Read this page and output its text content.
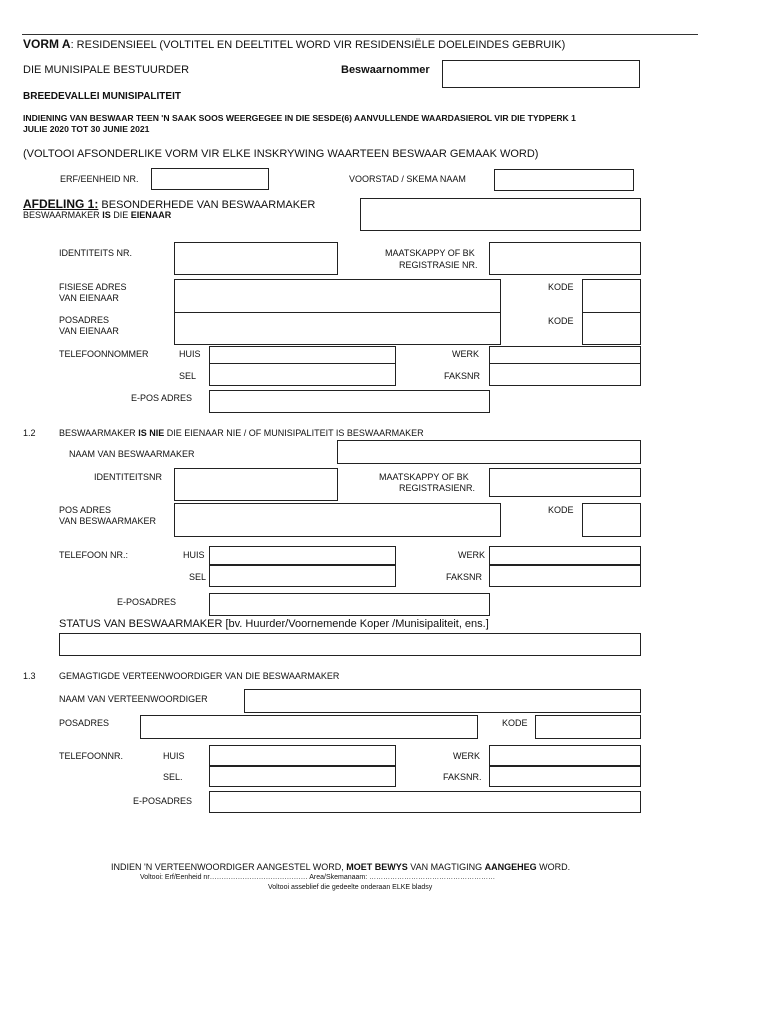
VORM A: RESIDENSIEEL (VOLTITEL EN DEELTITEL WORD VIR RESIDENSIËLE DOELEINDES GEBRUIK)
DIE MUNISIPALE BESTUURDER	Beswaarnommer
BREEDEVALLEI MUNISIPALITEIT
INDIENING VAN BESWAAR TEEN 'N SAAK SOOS WEERGEGEE IN DIE SESDE(6) AANVULLENDE WAARDASIEROL VIR DIE TYDPERK 1
JULIE 2020 TOT 30 JUNIE 2021
(VOLTOOI AFSONDERLIKE VORM VIR ELKE INSKRYWING WAARTEEN BESWAAR GEMAAK WORD)
ERF/EENHEID NR.	VOORSTAD / SKEMA NAAM
AFDELING 1: BESONDERHEDE VAN BESWAARMAKER
BESWAARMAKER IS DIE EIENAAR
IDENTITEITS NR.	MAATSKAPPY OF BK
REGISTRASIE NR.
FISIESE ADRES
VAN EIENAAR
KODE
POSADRES
VAN EIENAAR
KODE
TELEFOONNOMMER	HUIS	WERK
SEL	FAKSNR
E-POS ADRES
1.2	BESWAARMAKER IS NIE DIE EIENAAR NIE / OF MUNISIPALITEIT IS BESWAARMAKER
NAAM VAN BESWAARMAKER
IDENTITEITSNR	MAATSKAPPY OF BK
REGISTRASIENR.
POS ADRES
VAN BESWAARMAKER
KODE
TELEFOON NR.:	HUIS	WERK
SEL	FAKSNR
E-POSADRES
STATUS VAN BESWAARMAKER [bv. Huurder/Voornemende Koper /Munisipaliteit, ens.]
1.3	GEMAGTIGDE VERTEENWOORDIGER VAN DIE BESWAARMAKER
NAAM VAN VERTEENWOORDIGER
POSADRES	KODE
TELEFOONNR.	HUIS	WERK
SEL.	FAKSNR.
E-POSADRES
INDIEN 'N VERTEENWOORDIGER AANGESTEL WORD, MOET BEWYS VAN MAGTIGING AANGEHEG WORD.
Voltooi: Erf/Eenheid nr…………………………………… Area/Skemanaam: ………………………………………………
Voltooi asseblief die gedeelte onderaan ELKE bladsy
